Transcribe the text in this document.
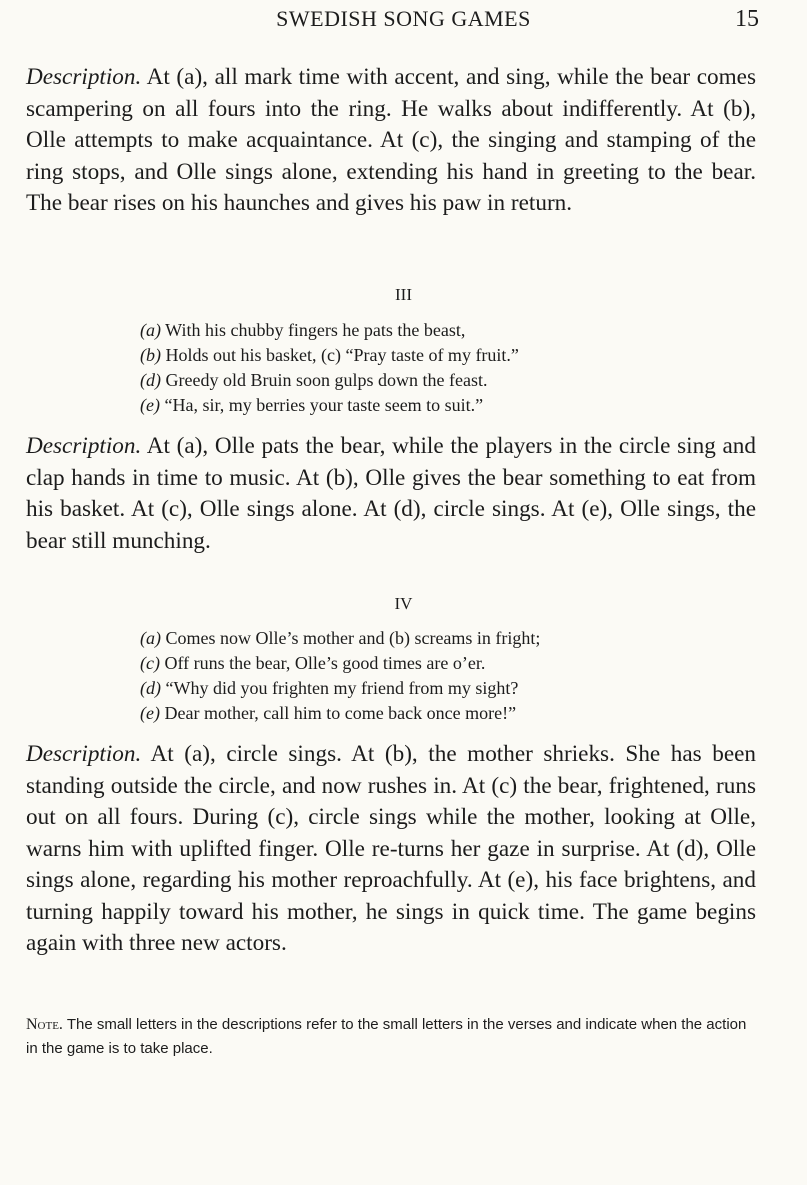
SWEDISH SONG GAMES	15

Description. At (a), all mark time with accent, and sing, while the bear comes scampering on all fours into the ring. He walks about indifferently. At (b), Olle attempts to make acquaintance. At (c), the singing and stamping of the ring stops, and Olle sings alone, extending his hand in greeting to the bear. The bear rises on his haunches and gives his paw in return.

III
(a) With his chubby fingers he pats the beast,
(b) Holds out his basket, (c) “Pray taste of my fruit.”
(d) Greedy old Bruin soon gulps down the feast.
(e) “Ha, sir, my berries your taste seem to suit.”

Description. At (a), Olle pats the bear, while the players in the circle sing and clap hands in time to music. At (b), Olle gives the bear something to eat from his basket. At (c), Olle sings alone. At (d), circle sings. At (e), Olle sings, the bear still munching.

IV
(a) Comes now Olle’s mother and (b) screams in fright;
(c) Off runs the bear, Olle’s good times are o’er.
(d) “Why did you frighten my friend from my sight?
(e) Dear mother, call him to come back once more!”

Description. At (a), circle sings. At (b), the mother shrieks. She has been standing outside the circle, and now rushes in. At (c) the bear, frightened, runs out on all fours. During (c), circle sings while the mother, looking at Olle, warns him with uplifted finger. Olle re-turns her gaze in surprise. At (d), Olle sings alone, regarding his mother reproachfully. At (e), his face brightens, and turning happily toward his mother, he sings in quick time. The game begins again with three new actors.

Note. The small letters in the descriptions refer to the small letters in the verses and indicate when the action in the game is to take place.
